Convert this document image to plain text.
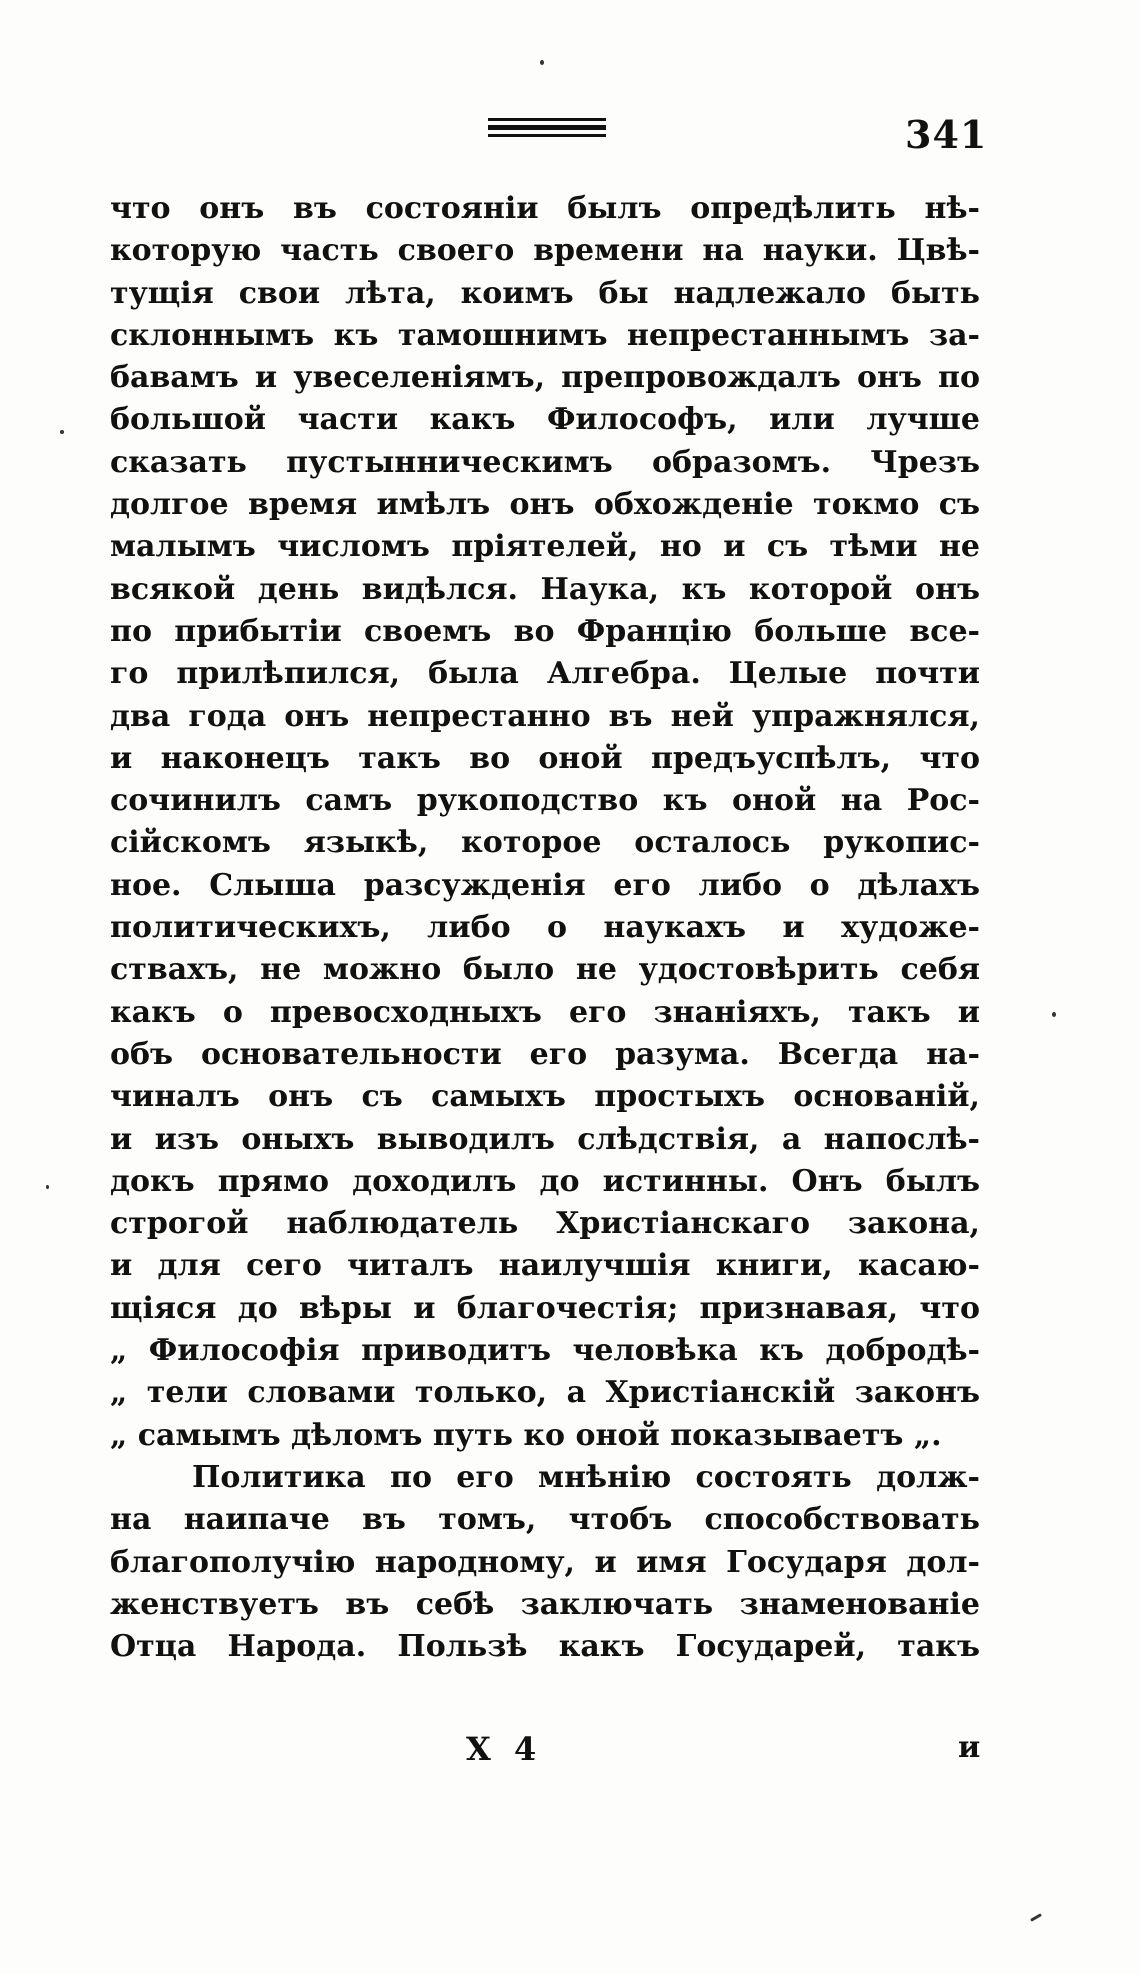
341
что онъ въ состояніи былъ опредѣлить нѣ-
которую часть своего времени на науки. Цвѣ-
тущія свои лѣта, коимъ бы надлежало быть
склоннымъ къ тамошнимъ непрестаннымъ за-
бавамъ и увеселеніямъ, препровождалъ онъ по
большой части какъ Философъ, или лучше
сказать пустынническимъ образомъ. Чрезъ
долгое время имѣлъ онъ обхожденіе токмо съ
малымъ числомъ пріятелей, но и съ тѣми не
всякой день видѣлся. Наука, къ которой онъ
по прибытіи своемъ во Францію больше все-
го прилѣпился, была Алгебра. Целые почти
два года онъ непрестанно въ ней упражнялся,
и наконецъ такъ во оной предъуспѣлъ, что
сочинилъ самъ рукоподство къ оной на Рос-
сійскомъ языкѣ, которое осталось рукопис-
ное. Слыша разсужденія его либо о дѣлахъ
политическихъ, либо о наукахъ и художе-
ствахъ, не можно было не удостовѣрить себя
какъ о превосходныхъ его знаніяхъ, такъ и
объ основательности его разума. Всегда на-
чиналъ онъ съ самыхъ простыхъ основаній,
и изъ оныхъ выводилъ слѣдствія, а напослѣ-
докъ прямо доходилъ до истинны. Онъ былъ
строгой наблюдатель Христіанскаго закона,
и для сего читалъ наилучшія книги, касаю-
щіяся до вѣры и благочестія; признавая, что
„ Философія приводитъ человѣка къ добродѣ-
„ тели словами только, а Христіанскій законъ
„ самымъ дѣломъ путь ко оной показываетъ „.
Политика по его мнѣнію состоять долж-
на наипаче въ томъ, чтобъ способствовать
благополучію народному, и имя Государя дол-
женствуетъ въ себѣ заключать знаменованіе
Отца Народа. Пользѣ какъ Государей, такъ
X 4	и
